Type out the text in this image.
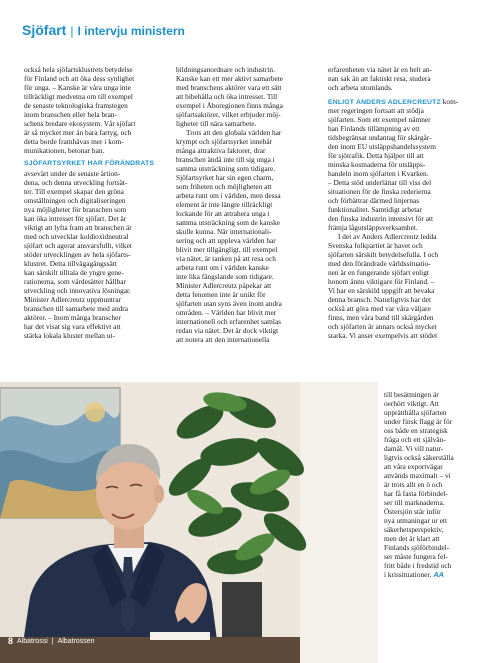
Sjöfart | I intervju ministern
också hela sjöfartsklustrets betydelse
för Finland och att öka dess synlighet
för unga. – Kanske är våra unga inte
tillräckligt medvetna om till exempel
de senaste teknologiska framstegen
inom branschen eller hela bran-
schens bredare ekosystem. Vår sjöfart
är så mycket mer än bara fartyg, och
detta borde framhävas mer i kom-
munikationen, betonar han.
SJÖFARTSYRKET HAR FÖRÄNDRATS
avsevärt under de senaste årtion-
dena, och denna utveckling fortsät-
ter. Till exempel skapar den gröna
omställningen och digitaliseringen
nya möjligheter för branschen som
kan öka intresset för sjöfart. Det är
viktigt att lyfta fram att branschen är
med och utvecklar koldioxidneutral
sjöfart och agerar ansvarsfullt, vilket
stöder utvecklingen av hela sjöfarts-
klustret. Detta tillvägagångssätt
kan särskilt tilltala de yngre gene-
rationerna, som värdesätter hållbar
utveckling och innovativa lösningar.
Minister Adlercreutz uppmuntrar
branschen till samarbete med andra
aktörer. – Inom många branscher
har det visat sig vara effektivt att
stärka lokala kluster mellan ut-
bildningsanordnare och industrin.
Kanske kan ett mer aktivt samarbete
med branschens aktörer vara ett sätt
att bibehålla och öka intresset. Till
exempel i Åboregionen finns många
sjöfartsaktörer, vilket erbjuder möj-
ligheter till nära samarbete.
Trots att den globala världen har
krympt och sjöfartsyrket innebär
många attraktiva faktorer, drar
branschen ändå inte till sig unga i
samma utsträckning som tidigare.
Sjöfartsyrket har sin egen charm,
som friheten och möjligheten att
arbeta runt om i världen, men dessa
element är inte längre tillräckligt
lockande för att attrahera unga i
samma utsträckning som de kanske
skulle kunna. När internationali-
sering och att uppleva världen har
blivit mer tillgängligt, till exempel
via nätet, är tanken på att resa och
arbeta runt om i världen kanske
inte lika fängslande som tidigare.
Minister Adlercreutz påpekar att
detta fenomen inte är unikt för
sjöfarten utan syns även inom andra
områden. – Världen har blivit mer
internationell och erfarenhet samlas
redan via nätet. Det är dock viktigt
att notera att den internationella
erfarenheten via nätet är en helt an-
nan sak än att faktiskt resa, studera
och arbeta utomlands.
ENLIGT ANDERS ADLERCREUTZ kom-
mer regeringen fortsatt att stödja
sjöfarten. Som ett exempel nämner
han Finlands tillämpning av ett
tidsbegränsat undantag för skärgår-
den inom EU utsläppshandelssystem
för sjötrafik. Detta hjälper till att
minska kostnaderna för utsläpps-
handeln inom sjöfarten i Kvarken.
– Detta stöd underlättar till viss del
situationen för de finska rederierna
och förbättrar därmed linjernas
funktionalitet. Samtidigt arbetar
den finska industrin intensivt för att
främja lågutsläppsverksamhet.
I det av Anders Adlercreutz ledda
Svenska folkpartiet är havet och
sjöfarten särskilt betydelsefulla. I och
med den förändrade världssituatio-
nen är en fungerande sjöfart enligt
honom ännu viktigare för Finland. –
Vi har en särskild uppgift att bevaka
denna bransch. Naturligtvis har det
också att göra med var våra väljare
finns, men våra band till skärgården
och sjöfarten är annars också mycket
starka. Vi anser exempelvis att stödet
till besättningen är
oerhört viktigt. Att
upprätthålla sjöfarten
under finsk flagg är för
oss både en strategisk
fråga och ett självän-
damål. Vi vill natur-
ligtvis också säkerställa
att våra exportvägar
används maximalt – vi
är trots allt en ö och
har få fasta förbindel-
ser till marknaderna.
Östersjön står inför
nya utmaningar ur ett
säkerhetsperspektiv,
men det är klart att
Finlands sjöförbindel-
ser måste fungera fel-
fritt både i fredstid och
i krissituationer. AA
8 Albatrossi | Albatrossen
